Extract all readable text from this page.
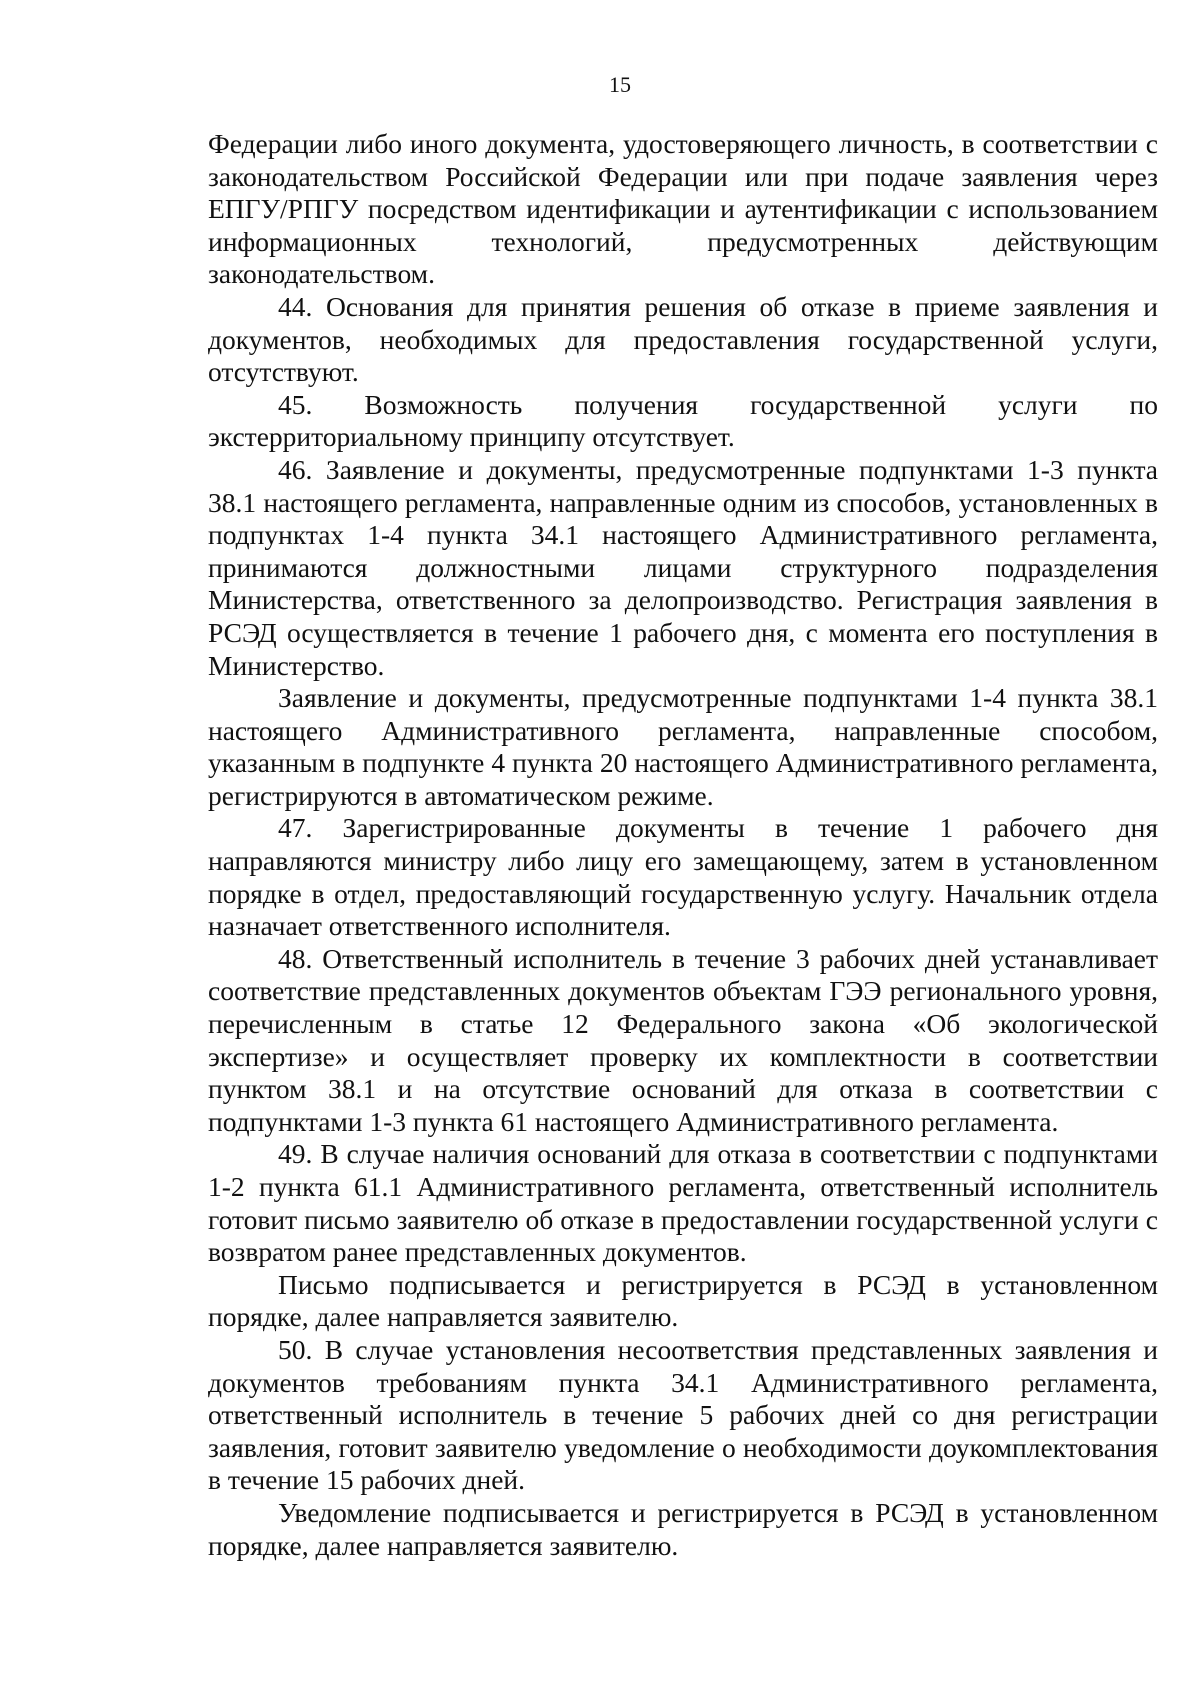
15

Федерации либо иного документа, удостоверяющего личность, в соответствии с законодательством Российской Федерации или при подаче заявления через ЕПГУ/РПГУ посредством идентификации и аутентификации с использованием информационных технологий, предусмотренных действующим законодательством.

44. Основания для принятия решения об отказе в приеме заявления и документов, необходимых для предоставления государственной услуги, отсутствуют.

45. Возможность получения государственной услуги по экстерриториальному принципу отсутствует.

46. Заявление и документы, предусмотренные подпунктами 1-3 пункта 38.1 настоящего регламента, направленные одним из способов, установленных в подпунктах 1-4 пункта 34.1 настоящего Административного регламента, принимаются должностными лицами структурного подразделения Министерства, ответственного за делопроизводство. Регистрация заявления в РСЭД осуществляется в течение 1 рабочего дня, с момента его поступления в Министерство.

Заявление и документы, предусмотренные подпунктами 1-4 пункта 38.1 настоящего Административного регламента, направленные способом, указанным в подпункте 4 пункта 20 настоящего Административного регламента, регистрируются в автоматическом режиме.

47. Зарегистрированные документы в течение 1 рабочего дня направляются министру либо лицу его замещающему, затем в установленном порядке в отдел, предоставляющий государственную услугу. Начальник отдела назначает ответственного исполнителя.

48. Ответственный исполнитель в течение 3 рабочих дней устанавливает соответствие представленных документов объектам ГЭЭ регионального уровня, перечисленным в статье 12 Федерального закона «Об экологической экспертизе» и осуществляет проверку их комплектности в соответствии пунктом 38.1 и на отсутствие оснований для отказа в соответствии с подпунктами 1-3 пункта 61 настоящего Административного регламента.

49. В случае наличия оснований для отказа в соответствии с подпунктами 1-2 пункта 61.1 Административного регламента, ответственный исполнитель готовит письмо заявителю об отказе в предоставлении государственной услуги с возвратом ранее представленных документов.

Письмо подписывается и регистрируется в РСЭД в установленном порядке, далее направляется заявителю.

50. В случае установления несоответствия представленных заявления и документов требованиям пункта 34.1 Административного регламента, ответственный исполнитель в течение 5 рабочих дней со дня регистрации заявления, готовит заявителю уведомление о необходимости доукомплектования в течение 15 рабочих дней.

Уведомление подписывается и регистрируется в РСЭД в установленном порядке, далее направляется заявителю.
